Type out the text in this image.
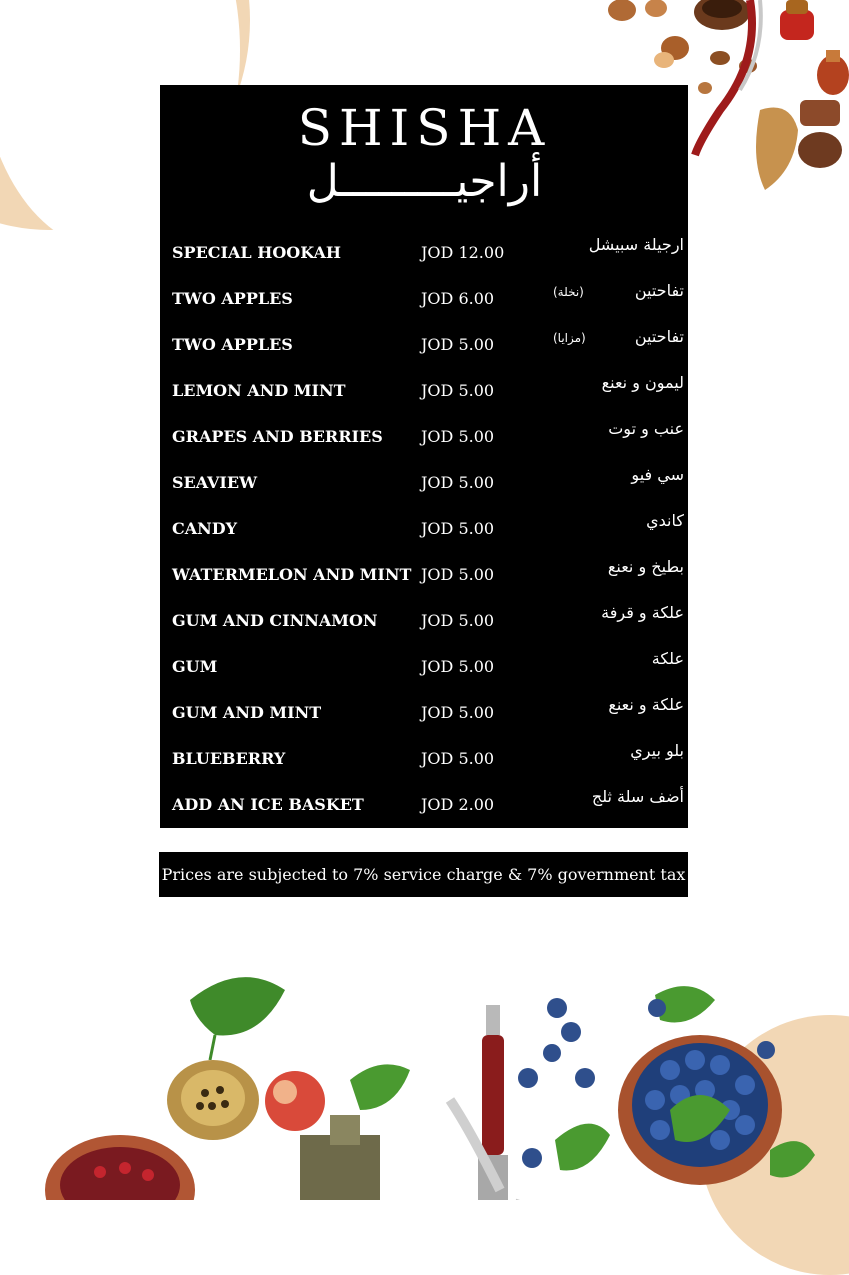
SHISHA
أراجيـــــــــل
SPECIAL HOOKAH	JOD 12.00	ارجيلة سبيشل
TWO APPLES	JOD 6.00	(نخلة)	تفاحتين
TWO APPLES	JOD 5.00	(مزايا)	تفاحتين
LEMON AND MINT	JOD 5.00	ليمون و نعنع
GRAPES AND BERRIES JOD 5.00	عنب و توت
SEAVIEW	JOD 5.00	سي فيو
CANDY	JOD 5.00	كاندي
WATERMELON AND MINT JOD 5.00	بطيخ و نعنع
GUM AND CINNAMON	JOD 5.00	علكة و قرفة
GUM	JOD 5.00	علكة
GUM AND MINT	JOD 5.00	علكة و نعنع
BLUEBERRY	JOD 5.00	بلو بيري
ADD AN ICE BASKET	JOD 2.00	أضف سلة ثلج
Prices are subjected to 7% service charge & 7% government tax
